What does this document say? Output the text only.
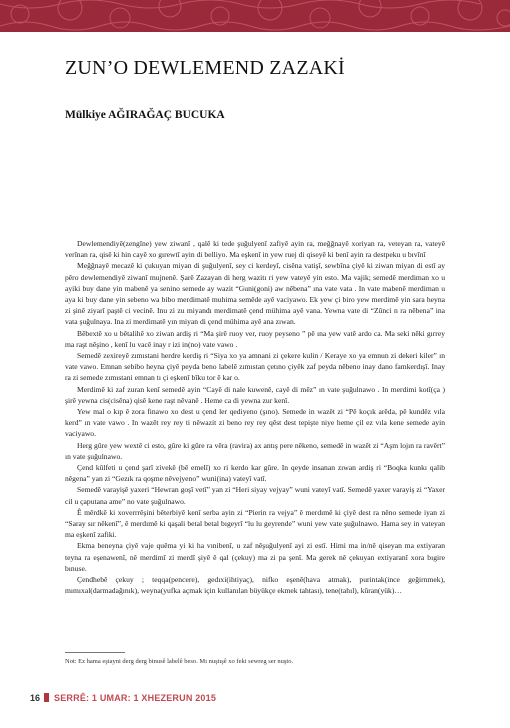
ZUN’O DEWLEMEND ZAZAKİ
Mülkiye AĞIRAĞAÇ BUCUKA

Dewlemendiyê(zengîne) yew ziwanî , qalê ki tede şuğulyenî zafiyê ayin ra, meğğnayê xoriyan ra, veteyan ra, vateyê verînan ra, qisê ki hin cayê xo gırewtî ayin di belliyo. Ma eşkenî in yew ruej di qiseyê ki benî ayin ra destpeku u bıvînî

Meğğnayê mecazê ki çukuyan miyan di şuğulyenî, sey ci kerdeyî, cisêna vatişî, sewbîna çiyê ki ziwan miyan di estî ay pêro dewlemendiyê ziwanî mujnenê. Şarê Zazayan di herg wazitı ri yew vateyê yin esto. Ma vajik; semedê merdiman xo u ayiki buy dane yin mabenê ya senino semede ay wazit “Guni(goni) aw nêbena” ına vate vata . In vate mabenê merdiman u aya ki buy dane yin sebeno wa bibo merdimatê muhima semêde ayê vaciyawo. Ek yew çi biro yew merdimê yin sara heyna zi şinê ziyarî paştê ci vecinê. Inu zi zu miyandı merdimatê çend mühima ayê vana. Yewna vate di “Zûnci n ra nêbena” ina vata şuğulnaya. Ina zi merdimatê yın miyan di çend mühima ayê ana zıwan.

Bêbextê xo u bêtalihê xo ziwan ardiş ri “Ma şirê ruoy ver, ruoy peyseno ” pê ına yew vatê ardo ca. Ma seki nêki gırrey ma raşt nêşino , kenî lu vacê inay r izi in(no) vate vawo .

Semedê zexireyê zımıstani herdre kerdiş ri “Siya xo ya amnani zi çekere kulin / Keraye xo ya emnun zi dekeri kiler” ın vate vawo. Emnan sebibo heyna çiyê peyda beno labelê zımıstan çetıno çiyêk zaf peyda nêbeno inay dano famkerdışî. Inay ra zi semede zımıstani emnan tı çi eşkenî bîku tor ê kar o.

Merdimê ki zaf zuran kenî semedê ayin “Cayê di nale kuwenê, cayê di mêz” ın vate şuğulnawo . In merdimi kotî(ça ) şirê yewna cis(cisêna) qisê kene raşt nêvanê . Heme ca di yewna zur kenî.

Yew mal o kıp ê zora finawo xo dest u çend ler qediyeno (şıno). Semede in wazêt zi “Pê koçık arêda, pê kundêz vıla kerd” ın vate vawo . In wazêt rey rey ti nêwazit zi beno rey rey qêst dest tepişte niye heme çil ez vıla kene semede ayin vaciyawo.

Herg gûre yew wextê ci esto, gûre ki gûre ra vêra (ravira) ax antış pere nêkeno, semedê in wazêt zi “Aşm lojın ra ravêrt” ın vate şuğulnawo.

Çend kûlfeti u çend şarî zivekê (bê emelî) xo ri kerdo kar gûre. In qeyde insanan zıwan ardiş ri “Boqka kunkı qalib nêgena” yan zi “Gezık ra qoşme nêvejyeno” wuni(ina) vateyî vatî.

Semedê varayişê yaxeri “Hewran goşî vetî” yan zi “Heri siyay vejyay” wuni vateyî vatî. Semedê yaxer varayiş zi “Yaxer cil u çaputana ame” no vate şuğulnawo.

Ê mêrdkê ki xoverrrêşini bêterbiyê kenî serba ayin zi “Pierin ra vejya” ê merdımê ki çiyê dest ra nêno semede iyan zi “Saray sır nêkenî”, ê merdımê ki qaşali betal betal bıgeyrî “lu lu geyrende” wuni yew vate şuğulnawo. Hama sey in vateyan ma eşkenî zafiki.

Ekma beneyna çiyê vaje quêma yi ki ha vınibenî, u zaf nêşuğulyenî ayi zi estî. Himi ma in/nê qiseyan ma extiyaran teyna ra eşenawenî, nê merdimî zi merdî şiyê ê qal (çekuy) ma zi pa şenî. Ma gerek nê çekuyan extiyaranî xora bıgire bınuse.

Çendhebê çekuy ; teqqa(pencere), gedıxi(ihtiyaç), nifko eşenê(hava atmak), purintak(ince geğirnmek), mımıxal(darmadağınık), weyna(yufka açmak için kullanılan büyükçe ekmek tahtası), tene(tahıl), kûran(yük)…

Not: Ez hama eştayni derg derg binusê labelê beso. Mı nuştışê xo feki sewreg ser nuşto.
16 SERRÊ: 1 UMAR: 1 XHEZERUN 2015
